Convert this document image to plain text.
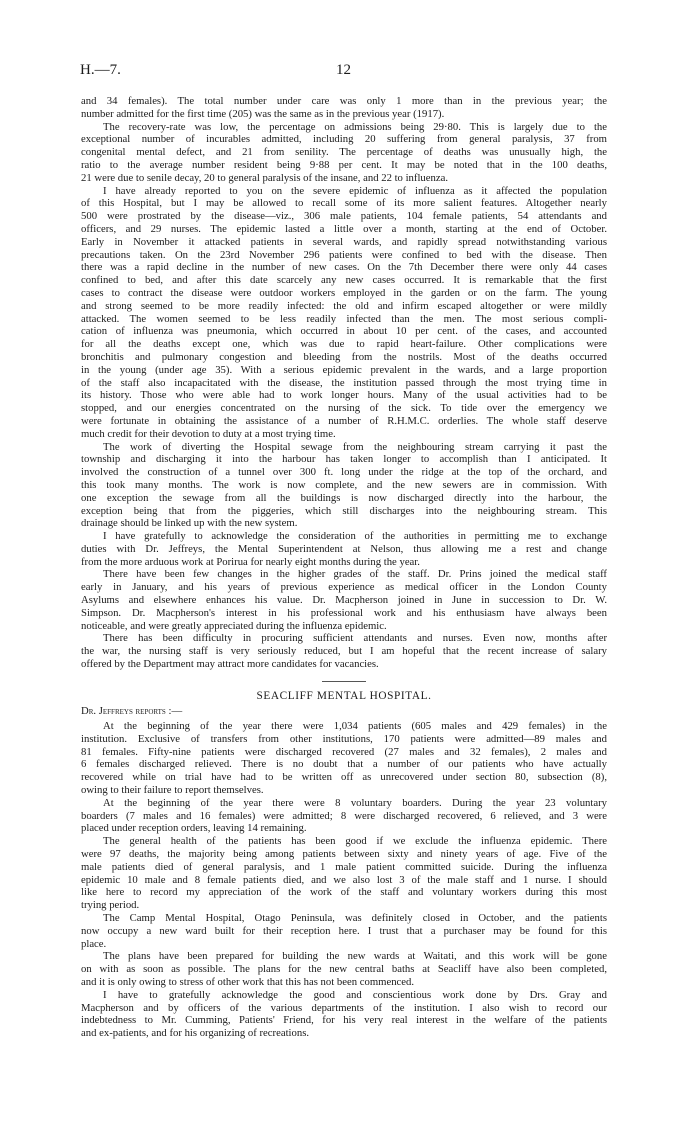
H.—7.	12
and 34 females). The total number under care was only 1 more than in the previous year; the
number admitted for the first time (205) was the same as in the previous year (1917).
The recovery-rate was low, the percentage on admissions being 29·80. This is largely due to the
exceptional number of incurables admitted, including 20 suffering from general paralysis, 37 from
congenital mental defect, and 21 from senility. The percentage of deaths was unusually high, the
ratio to the average number resident being 9·88 per cent. It may be noted that in the 100 deaths,
21 were due to senile decay, 20 to general paralysis of the insane, and 22 to influenza.
I have already reported to you on the severe epidemic of influenza as it affected the population
of this Hospital, but I may be allowed to recall some of its more salient features. Altogether nearly
500 were prostrated by the disease—viz., 306 male patients, 104 female patients, 54 attendants and
officers, and 29 nurses. The epidemic lasted a little over a month, starting at the end of October.
Early in November it attacked patients in several wards, and rapidly spread notwithstanding various
precautions taken. On the 23rd November 296 patients were confined to bed with the disease. Then
there was a rapid decline in the number of new cases. On the 7th December there were only 44 cases
confined to bed, and after this date scarcely any new cases occurred. It is remarkable that the first
cases to contract the disease were outdoor workers employed in the garden or on the farm. The young
and strong seemed to be more readily infected: the old and infirm escaped altogether or were mildly
attacked. The women seemed to be less readily infected than the men. The most serious compli-
cation of influenza was pneumonia, which occurred in about 10 per cent. of the cases, and accounted
for all the deaths except one, which was due to rapid heart-failure. Other complications were
bronchitis and pulmonary congestion and bleeding from the nostrils. Most of the deaths occurred
in the young (under age 35). With a serious epidemic prevalent in the wards, and a large proportion
of the staff also incapacitated with the disease, the institution passed through the most trying time in
its history. Those who were able had to work longer hours. Many of the usual activities had to be
stopped, and our energies concentrated on the nursing of the sick. To tide over the emergency we
were fortunate in obtaining the assistance of a number of R.H.M.C. orderlies. The whole staff deserve
much credit for their devotion to duty at a most trying time.
The work of diverting the Hospital sewage from the neighbouring stream carrying it past the
township and discharging it into the harbour has taken longer to accomplish than I anticipated. It
involved the construction of a tunnel over 300 ft. long under the ridge at the top of the orchard, and
this took many months. The work is now complete, and the new sewers are in commission. With
one exception the sewage from all the buildings is now discharged directly into the harbour, the
exception being that from the piggeries, which still discharges into the neighbouring stream. This
drainage should be linked up with the new system.
I have gratefully to acknowledge the consideration of the authorities in permitting me to exchange
duties with Dr. Jeffreys, the Mental Superintendent at Nelson, thus allowing me a rest and change
from the more arduous work at Porirua for nearly eight months during the year.
There have been few changes in the higher grades of the staff. Dr. Prins joined the medical staff
early in January, and his years of previous experience as medical officer in the London County
Asylums and elsewhere enhances his value. Dr. Macpherson joined in June in succession to Dr. W.
Simpson. Dr. Macpherson's interest in his professional work and his enthusiasm have always been
noticeable, and were greatly appreciated during the influenza epidemic.
There has been difficulty in procuring sufficient attendants and nurses. Even now, months after
the war, the nursing staff is very seriously reduced, but I am hopeful that the recent increase of salary
offered by the Department may attract more candidates for vacancies.
SEACLIFF MENTAL HOSPITAL.
Dr. Jeffreys reports :—
At the beginning of the year there were 1,034 patients (605 males and 429 females) in the
institution. Exclusive of transfers from other institutions, 170 patients were admitted—89 males and
81 females. Fifty-nine patients were discharged recovered (27 males and 32 females), 2 males and
6 females discharged relieved. There is no doubt that a number of our patients who have actually
recovered while on trial have had to be written off as unrecovered under section 80, subsection (8),
owing to their failure to report themselves.
At the beginning of the year there were 8 voluntary boarders. During the year 23 voluntary
boarders (7 males and 16 females) were admitted; 8 were discharged recovered, 6 relieved, and 3 were
placed under reception orders, leaving 14 remaining.
The general health of the patients has been good if we exclude the influenza epidemic. There
were 97 deaths, the majority being among patients between sixty and ninety years of age. Five of the
male patients died of general paralysis, and 1 male patient committed suicide. During the influenza
epidemic 10 male and 8 female patients died, and we also lost 3 of the male staff and 1 nurse. I should
like here to record my appreciation of the work of the staff and voluntary workers during this most
trying period.
The Camp Mental Hospital, Otago Peninsula, was definitely closed in October, and the patients
now occupy a new ward built for their reception here. I trust that a purchaser may be found for this
place.
The plans have been prepared for building the new wards at Waitati, and this work will be gone
on with as soon as possible. The plans for the new central baths at Seacliff have also been completed,
and it is only owing to stress of other work that this has not been commenced.
I have to gratefully acknowledge the good and conscientious work done by Drs. Gray and
Macpherson and by officers of the various departments of the institution. I also wish to record our
indebtedness to Mr. Cumming, Patients' Friend, for his very real interest in the welfare of the patients
and ex-patients, and for his organizing of recreations.
